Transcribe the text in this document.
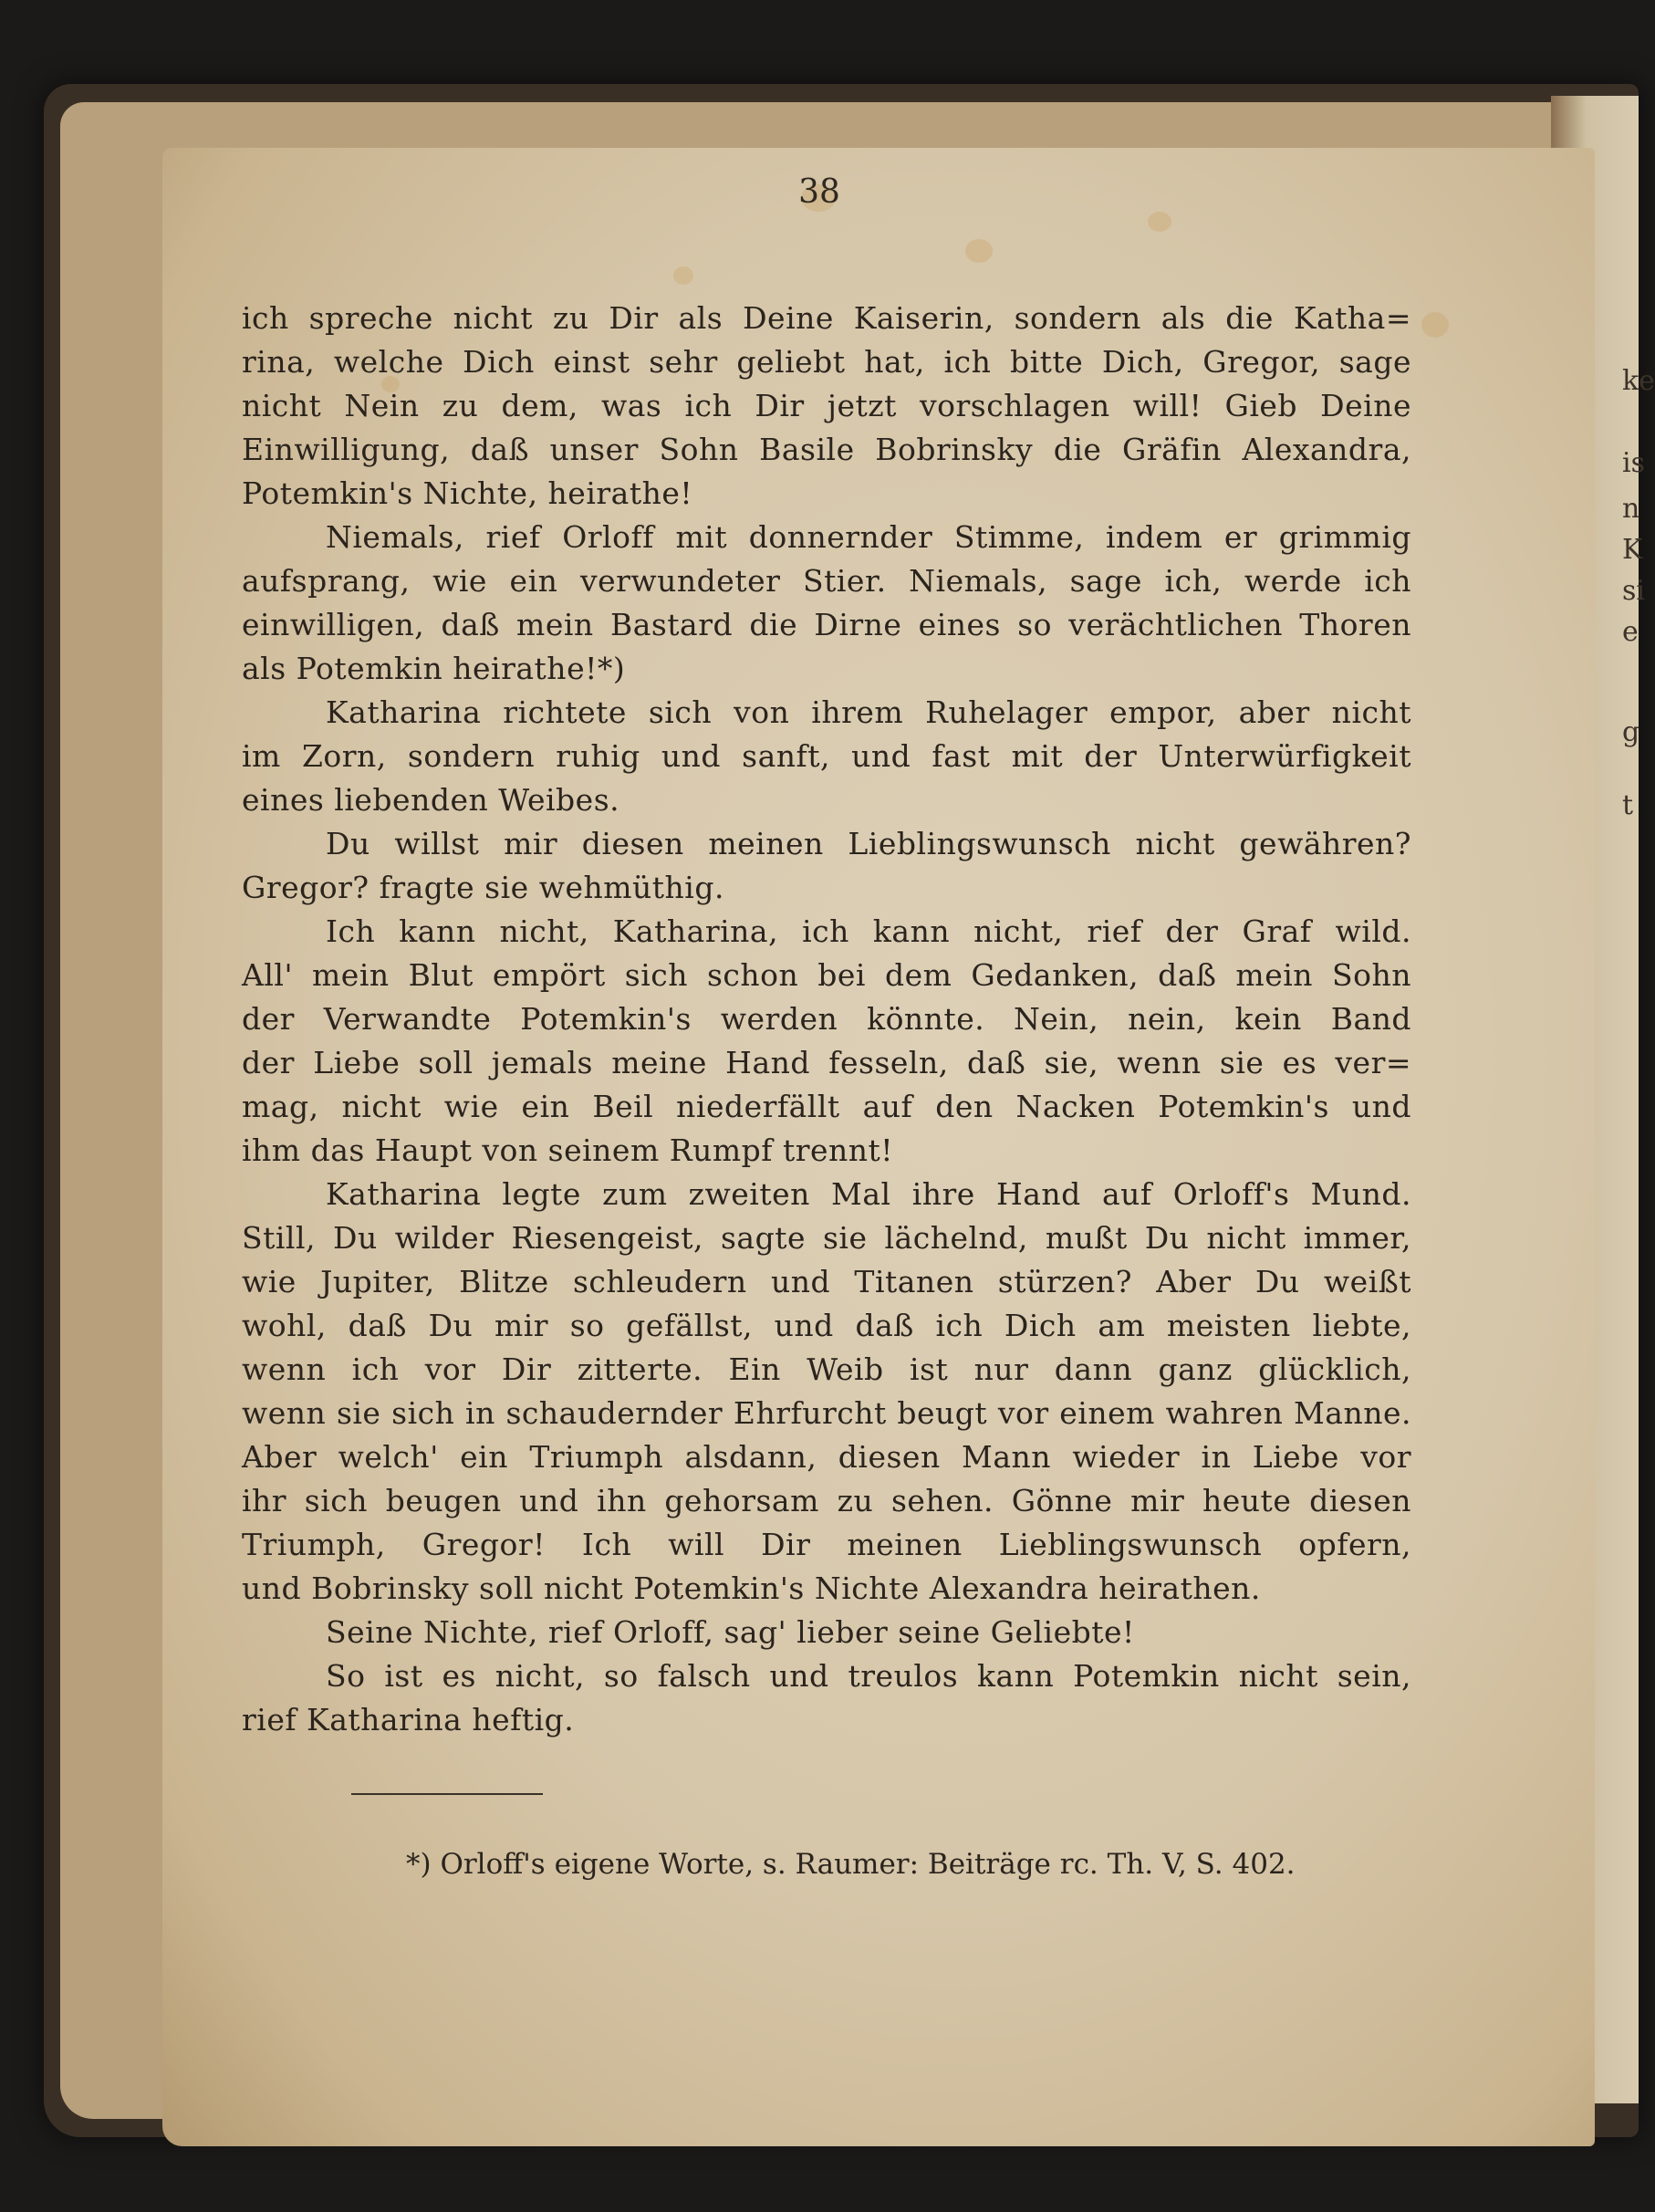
ke
is
n
K
si
e
g
t
38
ich spreche nicht zu Dir als Deine Kaiserin, sondern als die Katha=
rina, welche Dich einst sehr geliebt hat, ich bitte Dich, Gregor, sage
nicht Nein zu dem, was ich Dir jetzt vorschlagen will! Gieb Deine
Einwilligung, daß unser Sohn Basile Bobrinsky die Gräfin Alexandra,
Potemkin's Nichte, heirathe!
Niemals, rief Orloff mit donnernder Stimme, indem er grimmig
aufsprang, wie ein verwundeter Stier. Niemals, sage ich, werde ich
einwilligen, daß mein Bastard die Dirne eines so verächtlichen Thoren
als Potemkin heirathe!*)
Katharina richtete sich von ihrem Ruhelager empor, aber nicht
im Zorn, sondern ruhig und sanft, und fast mit der Unterwürfigkeit
eines liebenden Weibes.
Du willst mir diesen meinen Lieblingswunsch nicht gewähren?
Gregor? fragte sie wehmüthig.
Ich kann nicht, Katharina, ich kann nicht, rief der Graf wild.
All' mein Blut empört sich schon bei dem Gedanken, daß mein Sohn
der Verwandte Potemkin's werden könnte. Nein, nein, kein Band
der Liebe soll jemals meine Hand fesseln, daß sie, wenn sie es ver=
mag, nicht wie ein Beil niederfällt auf den Nacken Potemkin's und
ihm das Haupt von seinem Rumpf trennt!
Katharina legte zum zweiten Mal ihre Hand auf Orloff's Mund.
Still, Du wilder Riesengeist, sagte sie lächelnd, mußt Du nicht immer,
wie Jupiter, Blitze schleudern und Titanen stürzen? Aber Du weißt
wohl, daß Du mir so gefällst, und daß ich Dich am meisten liebte,
wenn ich vor Dir zitterte. Ein Weib ist nur dann ganz glücklich,
wenn sie sich in schaudernder Ehrfurcht beugt vor einem wahren Manne.
Aber welch' ein Triumph alsdann, diesen Mann wieder in Liebe vor
ihr sich beugen und ihn gehorsam zu sehen. Gönne mir heute diesen
Triumph, Gregor! Ich will Dir meinen Lieblingswunsch opfern,
und Bobrinsky soll nicht Potemkin's Nichte Alexandra heirathen.
Seine Nichte, rief Orloff, sag' lieber seine Geliebte!
So ist es nicht, so falsch und treulos kann Potemkin nicht sein,
rief Katharina heftig.
*) Orloff's eigene Worte, s. Raumer: Beiträge rc. Th. V, S. 402.
